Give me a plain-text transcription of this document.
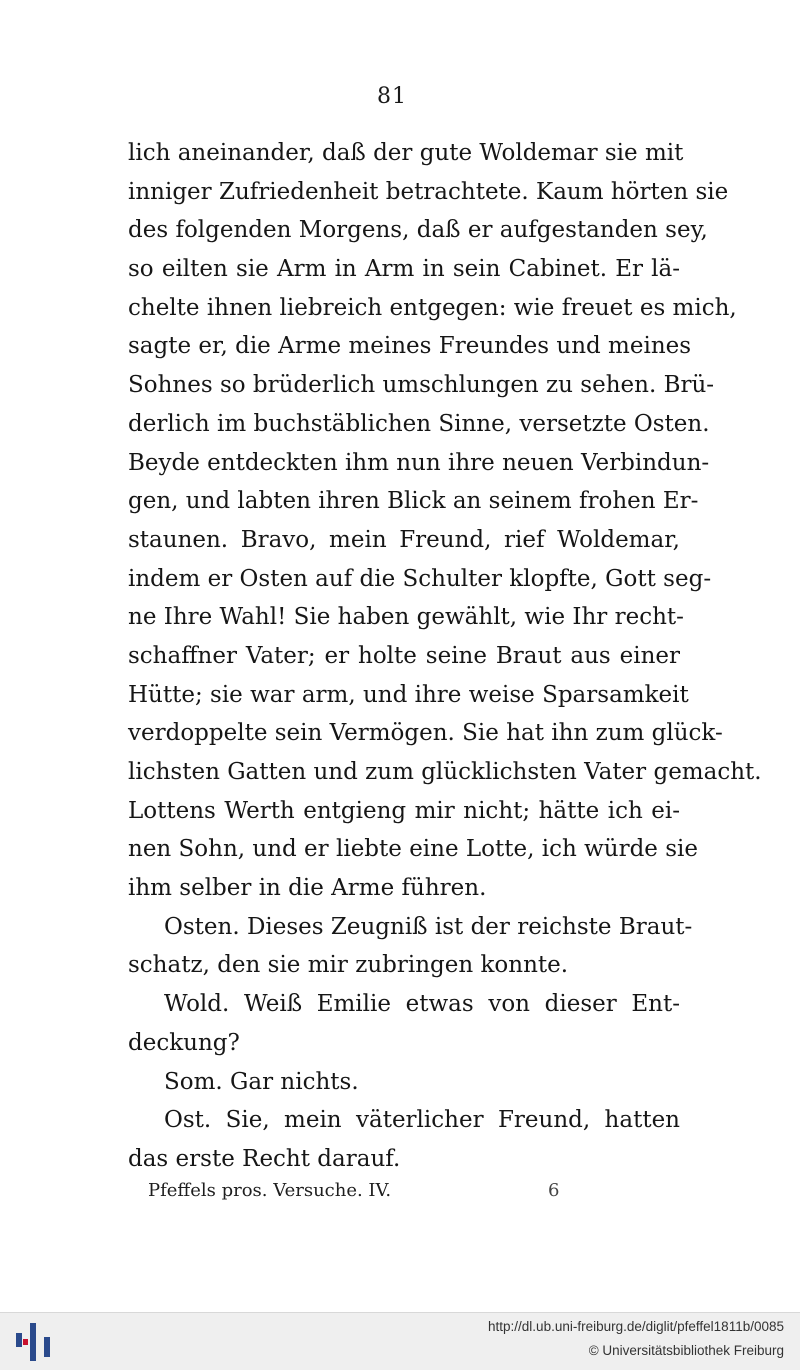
81
lich aneinander, daß der gute Woldemar sie mit
inniger Zufriedenheit betrachtete. Kaum hörten sie
des folgenden Morgens, daß er aufgestanden sey,
so eilten sie Arm in Arm in sein Cabinet. Er lä-
chelte ihnen liebreich entgegen: wie freuet es mich,
sagte er, die Arme meines Freundes und meines
Sohnes so brüderlich umschlungen zu sehen. Brü-
derlich im buchstäblichen Sinne, versetzte Osten.
Beyde entdeckten ihm nun ihre neuen Verbindun-
gen, und labten ihren Blick an seinem frohen Er-
staunen. Bravo, mein Freund, rief Woldemar,
indem er Osten auf die Schulter klopfte, Gott seg-
ne Ihre Wahl! Sie haben gewählt, wie Ihr recht-
schaffner Vater; er holte seine Braut aus einer
Hütte; sie war arm, und ihre weise Sparsamkeit
verdoppelte sein Vermögen. Sie hat ihn zum glück-
lichsten Gatten und zum glücklichsten Vater gemacht.
Lottens Werth entgieng mir nicht; hätte ich ei-
nen Sohn, und er liebte eine Lotte, ich würde sie
ihm selber in die Arme führen.
Osten. Dieses Zeugniß ist der reichste Braut-
schatz, den sie mir zubringen konnte.
Wold. Weiß Emilie etwas von dieser Ent-
deckung?
Som. Gar nichts.
Ost. Sie, mein väterlicher Freund, hatten
das erste Recht darauf.
Pfeffels pros. Versuche. IV.	6
http://dl.ub.uni-freiburg.de/diglit/pfeffel1811b/0085
© Universitätsbibliothek Freiburg
